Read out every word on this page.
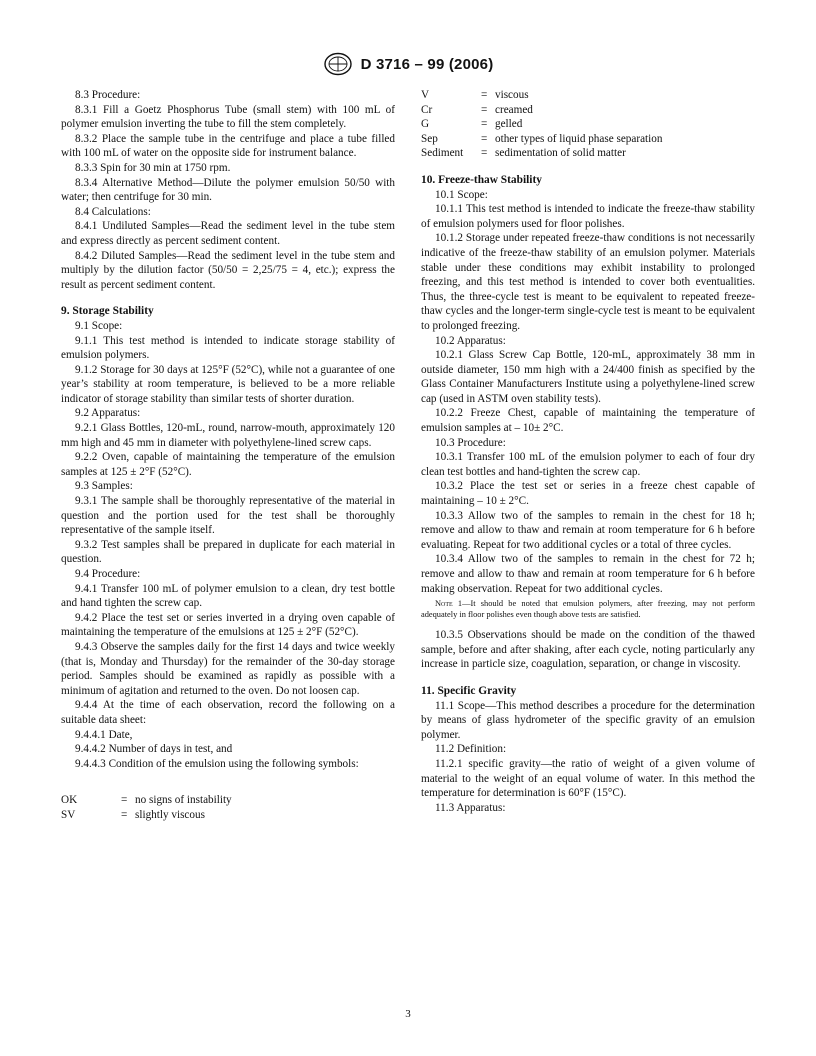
D 3716 – 99 (2006)

8.3 Procedure:

8.3.1 Fill a Goetz Phosphorus Tube (small stem) with 100 mL of polymer emulsion inverting the tube to fill the stem completely.

8.3.2 Place the sample tube in the centrifuge and place a tube filled with 100 mL of water on the opposite side for instrument balance.

8.3.3 Spin for 30 min at 1750 rpm.

8.3.4 Alternative Method—Dilute the polymer emulsion 50/50 with water; then centrifuge for 30 min.

8.4 Calculations:

8.4.1 Undiluted Samples—Read the sediment level in the tube stem and express directly as percent sediment content.

8.4.2 Diluted Samples—Read the sediment level in the tube stem and multiply by the dilution factor (50/50 = 2,25/75 = 4, etc.); express the result as percent sediment content.

9. Storage Stability

9.1 Scope:

9.1.1 This test method is intended to indicate storage stability of emulsion polymers.

9.1.2 Storage for 30 days at 125°F (52°C), while not a guarantee of one year’s stability at room temperature, is believed to be a more reliable indicator of storage stability than similar tests of shorter duration.

9.2 Apparatus:

9.2.1 Glass Bottles, 120-mL, round, narrow-mouth, approximately 120 mm high and 45 mm in diameter with polyethylene-lined screw caps.

9.2.2 Oven, capable of maintaining the temperature of the emulsion samples at 125 ± 2°F (52°C).

9.3 Samples:

9.3.1 The sample shall be thoroughly representative of the material in question and the portion used for the test shall be thoroughly representative of the sample itself.

9.3.2 Test samples shall be prepared in duplicate for each material in question.

9.4 Procedure:

9.4.1 Transfer 100 mL of polymer emulsion to a clean, dry test bottle and hand tighten the screw cap.

9.4.2 Place the test set or series inverted in a drying oven capable of maintaining the temperature of the emulsions at 125 ± 2°F (52°C).

9.4.3 Observe the samples daily for the first 14 days and twice weekly (that is, Monday and Thursday) for the remainder of the 30-day storage period. Samples should be examined as rapidly as possible with a minimum of agitation and returned to the oven. Do not loosen cap.

9.4.4 At the time of each observation, record the following on a suitable data sheet:

9.4.4.1 Date,

9.4.4.2 Number of days in test, and

9.4.4.3 Condition of the emulsion using the following symbols:

OK	=	no signs of instability
SV	=	slightly viscous
V	=	viscous
Cr	=	creamed
G	=	gelled
Sep	=	other types of liquid phase separation
Sediment	=	sedimentation of solid matter

10. Freeze-thaw Stability

10.1 Scope:

10.1.1 This test method is intended to indicate the freeze-thaw stability of emulsion polymers used for floor polishes.

10.1.2 Storage under repeated freeze-thaw conditions is not necessarily indicative of the freeze-thaw stability of an emulsion polymer. Materials stable under these conditions may exhibit instability to prolonged freezing, and this test method is intended to cover both eventualities. Thus, the three-cycle test is meant to be equivalent to repeated freeze-thaw cycles and the longer-term single-cycle test is meant to be equivalent to prolonged freezing.

10.2 Apparatus:

10.2.1 Glass Screw Cap Bottle, 120-mL, approximately 38 mm in outside diameter, 150 mm high with a 24/400 finish as specified by the Glass Container Manufacturers Institute using a polyethylene-lined screw cap (used in ASTM oven stability tests).

10.2.2 Freeze Chest, capable of maintaining the temperature of emulsion samples at – 10± 2°C.

10.3 Procedure:

10.3.1 Transfer 100 mL of the emulsion polymer to each of four dry clean test bottles and hand-tighten the screw cap.

10.3.2 Place the test set or series in a freeze chest capable of maintaining – 10 ± 2°C.

10.3.3 Allow two of the samples to remain in the chest for 18 h; remove and allow to thaw and remain at room temperature for 6 h before evaluating. Repeat for two additional cycles or a total of three cycles.

10.3.4 Allow two of the samples to remain in the chest for 72 h; remove and allow to thaw and remain at room temperature for 6 h before making observation. Repeat for two additional cycles.

Note 1—It should be noted that emulsion polymers, after freezing, may not perform adequately in floor polishes even though above tests are satisfied.

10.3.5 Observations should be made on the condition of the thawed sample, before and after shaking, after each cycle, noting particularly any increase in particle size, coagulation, separation, or change in viscosity.

11. Specific Gravity

11.1 Scope—This method describes a procedure for the determination by means of glass hydrometer of the specific gravity of an emulsion polymer.

11.2 Definition:

11.2.1 specific gravity—the ratio of weight of a given volume of material to the weight of an equal volume of water. In this method the temperature for determination is 60°F (15°C).

11.3 Apparatus:

3
